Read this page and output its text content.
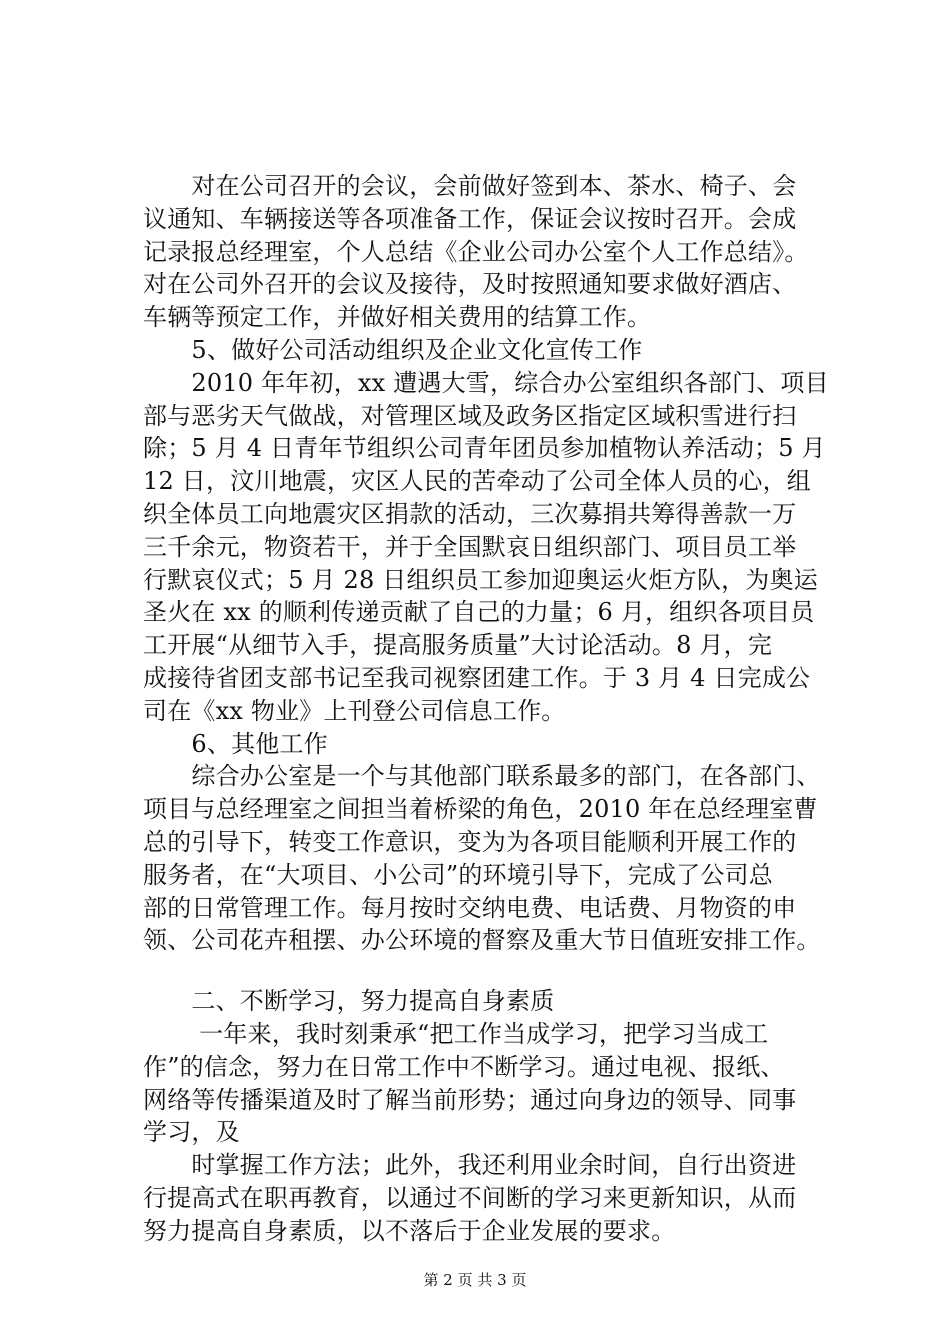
　　对在公司召开的会议，会前做好签到本、茶水、椅子、会
议通知、车辆接送等各项准备工作，保证会议按时召开。会成
记录报总经理室，个人总结《企业公司办公室个人工作总结》。
对在公司外召开的会议及接待，及时按照通知要求做好酒店、
车辆等预定工作，并做好相关费用的结算工作。
　　5、做好公司活动组织及企业文化宣传工作
　　2010 年年初，xx 遭遇大雪，综合办公室组织各部门、项目
部与恶劣天气做战，对管理区域及政务区指定区域积雪进行扫
除；5 月 4 日青年节组织公司青年团员参加植物认养活动；5 月
12 日，汶川地震，灾区人民的苦牵动了公司全体人员的心，组
织全体员工向地震灾区捐款的活动，三次募捐共筹得善款一万
三千余元，物资若干，并于全国默哀日组织部门、项目员工举
行默哀仪式；5 月 28 日组织员工参加迎奥运火炬方队，为奥运
圣火在 xx 的顺利传递贡献了自己的力量；6 月，组织各项目员
工开展“从细节入手，提高服务质量”大讨论活动。8 月，完
成接待省团支部书记至我司视察团建工作。于 3 月 4 日完成公
司在《xx 物业》上刊登公司信息工作。
　　6、其他工作
　　综合办公室是一个与其他部门联系最多的部门，在各部门、
项目与总经理室之间担当着桥梁的角色，2010 年在总经理室曹
总的引导下，转变工作意识，变为为各项目能顺利开展工作的
服务者，在“大项目、小公司”的环境引导下，完成了公司总
部的日常管理工作。每月按时交纳电费、电话费、月物资的申
领、公司花卉租摆、办公环境的督察及重大节日值班安排工作。
　　二、不断学习，努力提高自身素质
　　 一年来，我时刻秉承“把工作当成学习，把学习当成工
作”的信念，努力在日常工作中不断学习。通过电视、报纸、
网络等传播渠道及时了解当前形势；通过向身边的领导、同事
学习，及
　　时掌握工作方法；此外，我还利用业余时间，自行出资进
行提高式在职再教育，以通过不间断的学习来更新知识，从而
努力提高自身素质，以不落后于企业发展的要求。
第 2 页 共 3 页
